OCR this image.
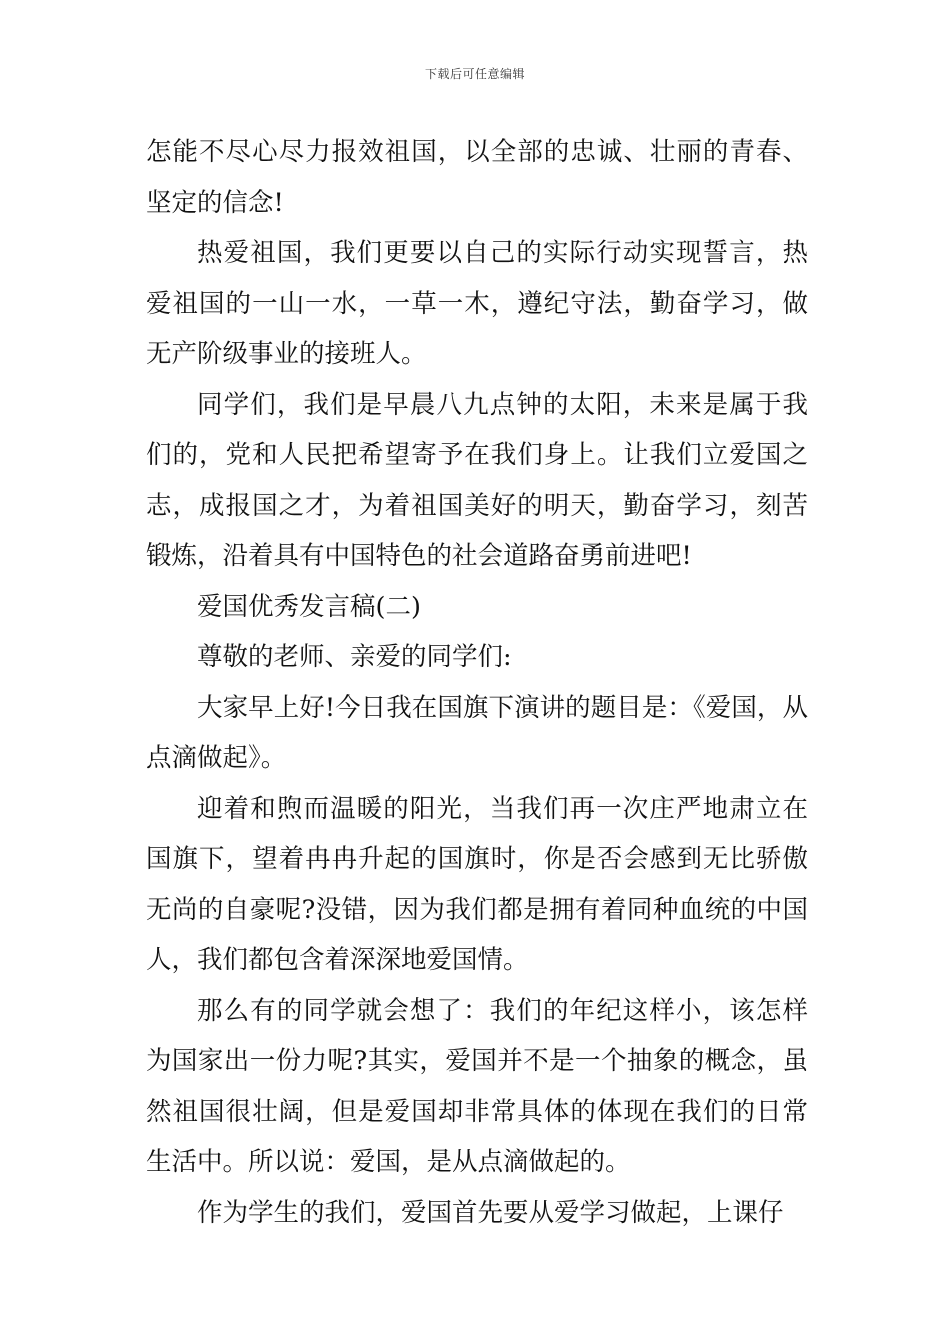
下载后可任意编辑

怎能不尽心尽力报效祖国，以全部的忠诚、壮丽的青春、坚定的信念!

热爱祖国，我们更要以自己的实际行动实现誓言，热爱祖国的一山一水，一草一木，遵纪守法，勤奋学习，做无产阶级事业的接班人。

同学们，我们是早晨八九点钟的太阳，未来是属于我们的，党和人民把希望寄予在我们身上。让我们立爱国之志，成报国之才，为着祖国美好的明天，勤奋学习，刻苦锻炼，沿着具有中国特色的社会道路奋勇前进吧!

爱国优秀发言稿(二)

尊敬的老师、亲爱的同学们:

大家早上好!今日我在国旗下演讲的题目是：《爱国，从点滴做起》。

迎着和煦而温暖的阳光，当我们再一次庄严地肃立在国旗下，望着冉冉升起的国旗时，你是否会感到无比骄傲无尚的自豪呢?没错，因为我们都是拥有着同种血统的中国人，我们都包含着深深地爱国情。

那么有的同学就会想了：我们的年纪这样小，该怎样为国家出一份力呢?其实，爱国并不是一个抽象的概念，虽然祖国很壮阔，但是爱国却非常具体的体现在我们的日常生活中。所以说：爱国，是从点滴做起的。

作为学生的我们，爱国首先要从爱学习做起，上课仔
